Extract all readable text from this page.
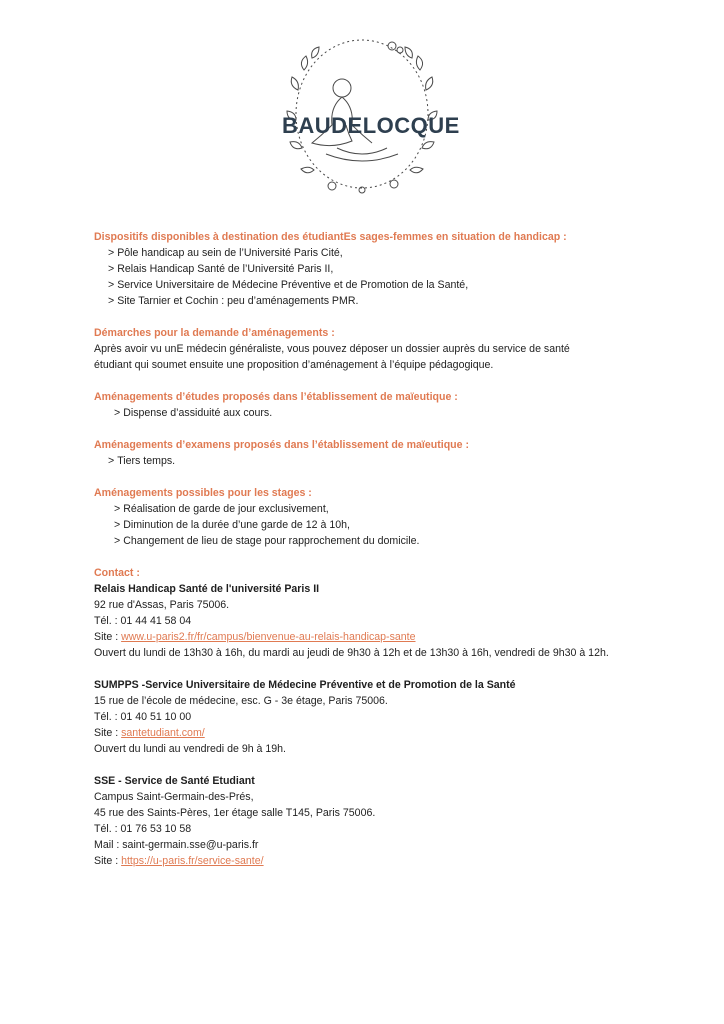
BAUDELOCQUE

Dispositifs disponibles à destination des étudiantEs sages-femmes en situation de handicap :

> Pôle handicap au sein de l’Université Paris Cité,
> Relais Handicap Santé de l’Université Paris II,
> Service Universitaire de Médecine Préventive et de Promotion de la Santé,
> Site Tarnier et Cochin : peu d’aménagements PMR.

Démarches pour la demande d’aménagements :

Après avoir vu unE médecin généraliste, vous pouvez déposer un dossier auprès du service de santé

étudiant qui soumet ensuite une proposition d’aménagement à l’équipe pédagogique.

Aménagements d’études proposés dans l’établissement de maïeutique :

> Dispense d’assiduité aux cours.

Aménagements d’examens proposés dans l’établissement de maïeutique :

> Tiers temps.

Aménagements possibles pour les stages :

> Réalisation de garde de jour exclusivement,
> Diminution de la durée d’une garde de 12 à 10h,
> Changement de lieu de stage pour rapprochement du domicile.

Contact :

Relais Handicap Santé de l'université Paris II

92 rue d'Assas, Paris 75006.

Tél. : 01 44 41 58 04

Site : www.u-paris2.fr/fr/campus/bienvenue-au-relais-handicap-sante

Ouvert du lundi de 13h30 à 16h, du mardi au jeudi de 9h30 à 12h et de 13h30 à 16h, vendredi de 9h30 à 12h.

SUMPPS -Service Universitaire de Médecine Préventive et de Promotion de la Santé

15 rue de l’école de médecine, esc. G - 3e étage, Paris 75006.

Tél. : 01 40 51 10 00

Site : santetudiant.com/

Ouvert du lundi au vendredi de 9h à 19h.

SSE - Service de Santé Etudiant

Campus Saint-Germain-des-Prés,

45 rue des Saints-Pères, 1er étage salle T145, Paris 75006.

Tél. : 01 76 53 10 58

Mail : saint-germain.sse@u-paris.fr

Site : https://u-paris.fr/service-sante/
